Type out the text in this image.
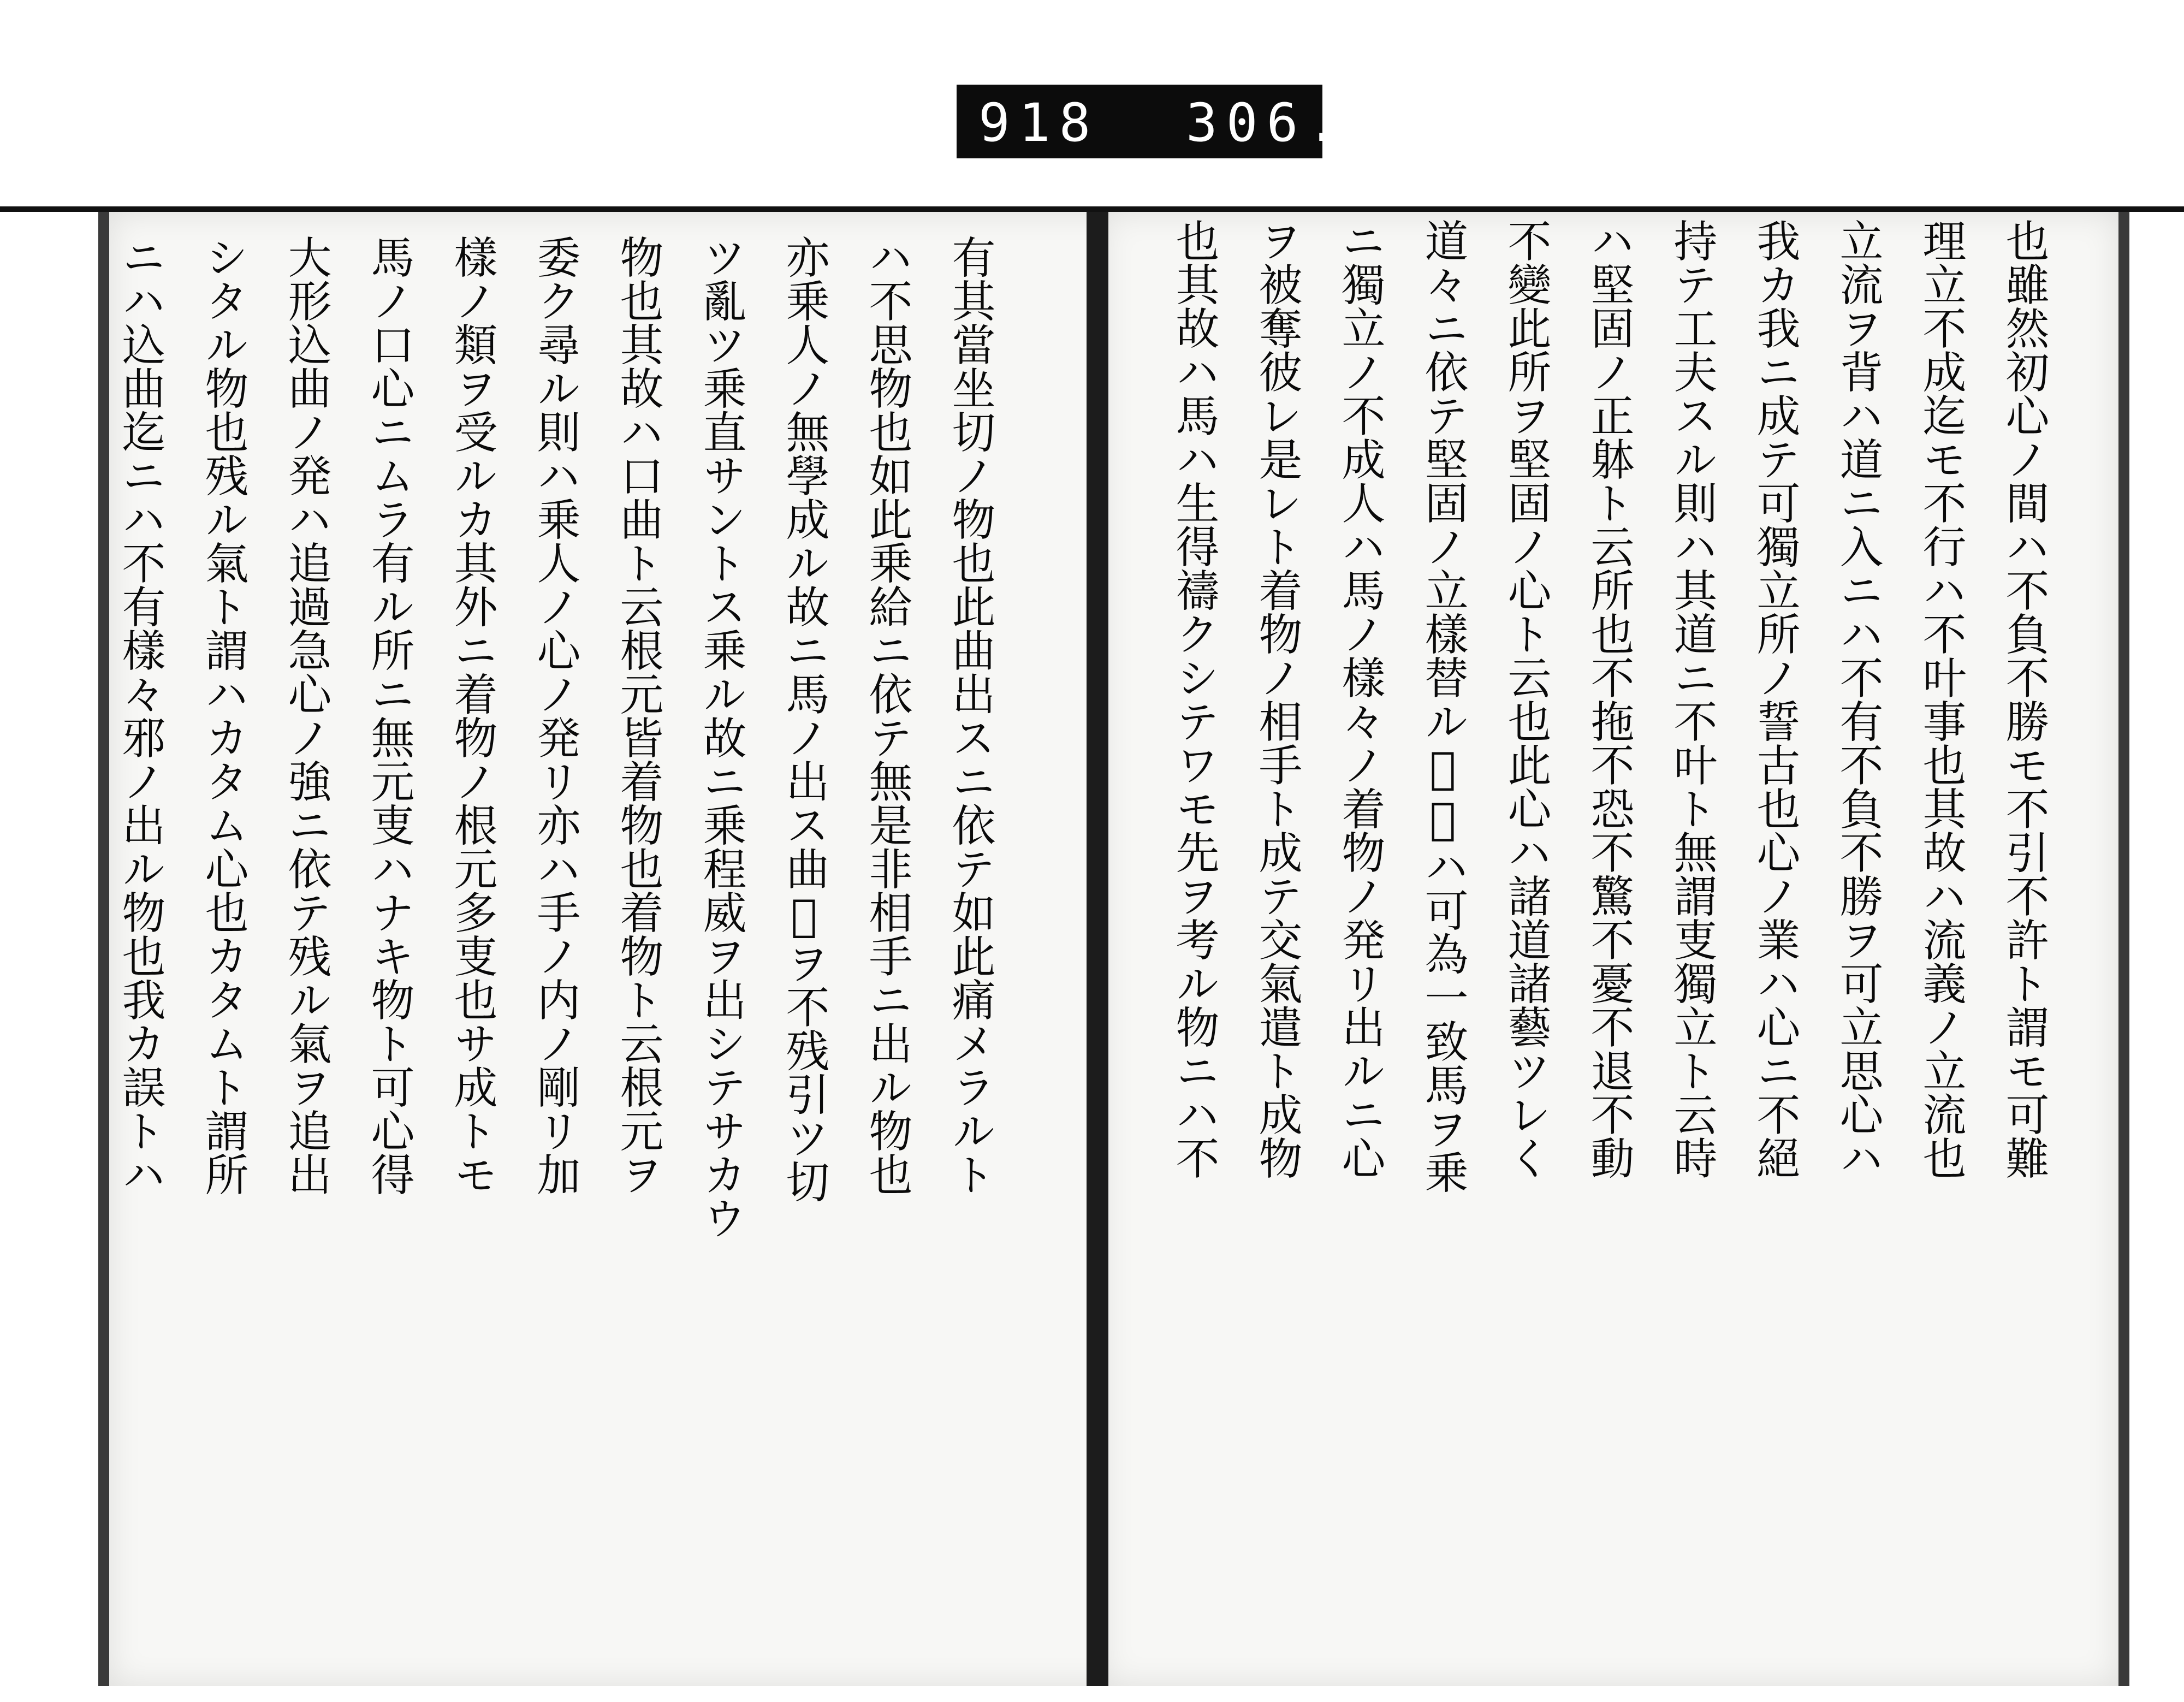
918 306.
也雖然初心ノ間ハ不負不勝モ不引不許ト謂モ可難
理立不成迄モ不行ハ不叶事也其故ハ流義ノ立流也
立流ヲ背ハ道ニ入ニハ不有不負不勝ヲ可立思心ハ
我カ我ニ成テ可獨立所ノ誓古也心ノ業ハ心ニ不絕
持テ工夫スル則ハ其道ニ不叶ト無謂叓獨立ト云時
ハ堅固ノ正躰ト云所也不拖不恐不驚不憂不退不動
不變此所ヲ堅固ノ心ト云也此心ハ諸道諸藝ツレく
道々ニ依テ堅固ノ立樣替ル𪜈理ハ可為一致馬ヲ乗
ニ獨立ノ不成人ハ馬ノ樣々ノ着物ノ発リ出ルニ心
ヲ被奪彼レ是レト着物ノ相手ト成テ交氣遣ト成物
也其故ハ馬ハ生得禱クシテワモ先ヲ考ル物ニハ不
有其當坐切ノ物也此曲出スニ依テ如此痛メラルト
ハ不思物也如此乗給ニ依テ無是非相手ニ出ル物也
亦乗人ノ無學成ル故ニ馬ノ出ス曲𪜈ヲ不残引ツ切
ツ亂ツ乗直サントス乗ル故ニ乗程威ヲ出シテサカウ
物也其故ハ口曲ト云根元皆着物也着物ト云根元ヲ
委ク尋ル則ハ乗人ノ心ノ発リ亦ハ手ノ内ノ剛リ加
樣ノ類ヲ受ルカ其外ニ着物ノ根元多叓也サ成トモ
馬ノ口心ニムラ有ル所ニ無元叓ハナキ物ト可心得
大形込曲ノ発ハ追過急心ノ強ニ依テ残ル氣ヲ追出
シタル物也残ル氣ト謂ハカタム心也カタムト謂所
ニハ込曲迄ニハ不有樣々邪ノ出ル物也我カ誤トハ
